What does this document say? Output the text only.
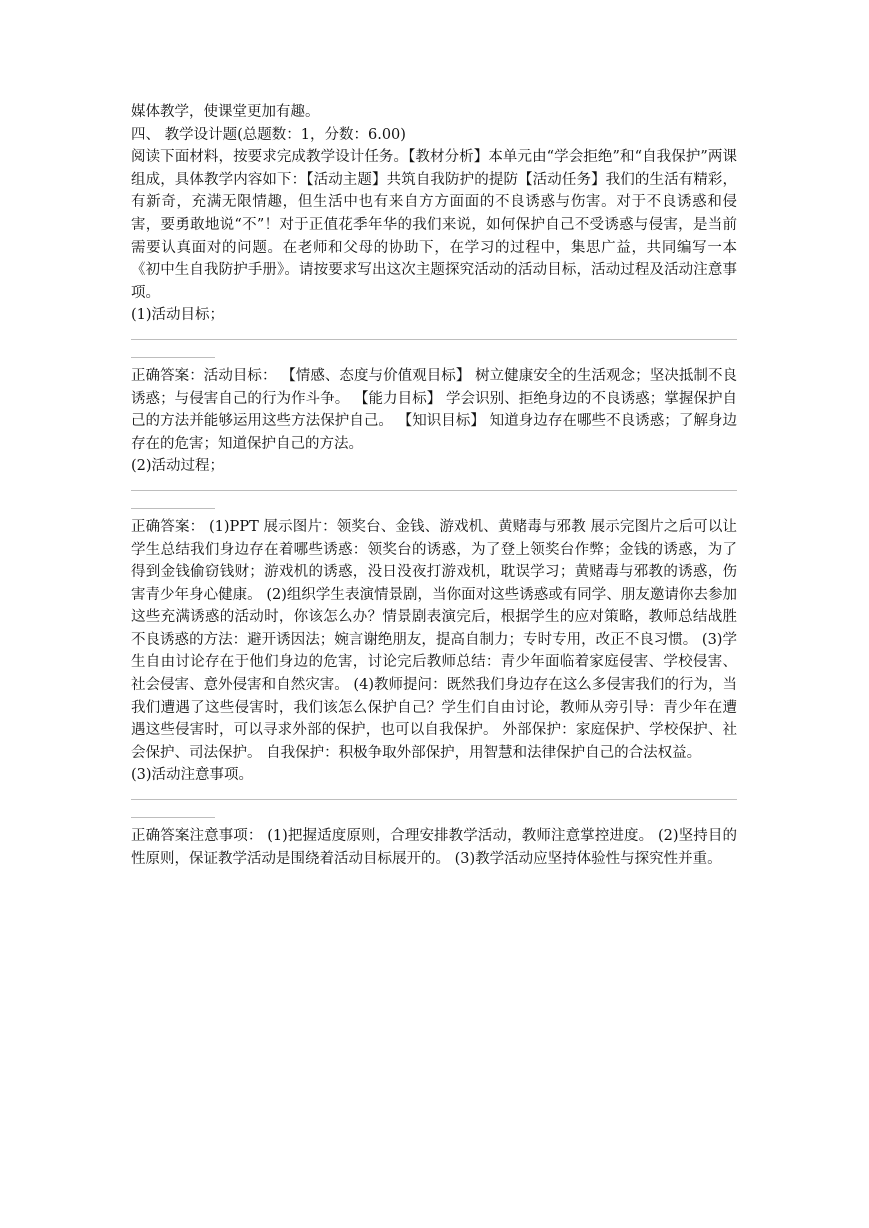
媒体教学，使课堂更加有趣。

四、 教学设计题(总题数：1，分数：6.00)

阅读下面材料，按要求完成教学设计任务。【教材分析】本单元由“学会拒绝”和“自我保护”两课组成，具体教学内容如下：【活动主题】共筑自我防护的提防【活动任务】我们的生活有精彩，有新奇，充满无限情趣，但生活中也有来自方方面面的不良诱惑与伤害。对于不良诱惑和侵害，要勇敢地说“不”！对于正值花季年华的我们来说，如何保护自己不受诱惑与侵害，是当前需要认真面对的问题。在老师和父母的协助下，在学习的过程中，集思广益，共同编写一本《初中生自我防护手册》。请按要求写出这次主题探究活动的活动目标，活动过程及活动注意事项。

(1)活动目标；

正确答案：活动目标： 【情感、态度与价值观目标】 树立健康安全的生活观念；坚决抵制不良诱惑；与侵害自己的行为作斗争。 【能力目标】 学会识别、拒绝身边的不良诱惑；掌握保护自己的方法并能够运用这些方法保护自己。 【知识目标】 知道身边存在哪些不良诱惑；了解身边存在的危害；知道保护自己的方法。

(2)活动过程；

正确答案： (1)PPT 展示图片：领奖台、金钱、游戏机、黄赌毒与邪教 展示完图片之后可以让学生总结我们身边存在着哪些诱惑：领奖台的诱惑，为了登上领奖台作弊；金钱的诱惑，为了得到金钱偷窃钱财；游戏机的诱惑，没日没夜打游戏机，耽误学习；黄赌毒与邪教的诱惑，伤害青少年身心健康。 (2)组织学生表演情景剧，当你面对这些诱惑或有同学、朋友邀请你去参加这些充满诱惑的活动时，你该怎么办？情景剧表演完后，根据学生的应对策略，教师总结战胜不良诱惑的方法：避开诱因法；婉言谢绝朋友，提高自制力；专时专用，改正不良习惯。 (3)学生自由讨论存在于他们身边的危害，讨论完后教师总结：青少年面临着家庭侵害、学校侵害、社会侵害、意外侵害和自然灾害。 (4)教师提问：既然我们身边存在这么多侵害我们的行为，当我们遭遇了这些侵害时，我们该怎么保护自己？学生们自由讨论，教师从旁引导：青少年在遭遇这些侵害时，可以寻求外部的保护，也可以自我保护。 外部保护：家庭保护、学校保护、社会保护、司法保护。 自我保护：积极争取外部保护，用智慧和法律保护自己的合法权益。

(3)活动注意事项。

正确答案注意事项： (1)把握适度原则，合理安排教学活动，教师注意掌控进度。 (2)坚持目的性原则，保证教学活动是围绕着活动目标展开的。 (3)教学活动应坚持体验性与探究性并重。
